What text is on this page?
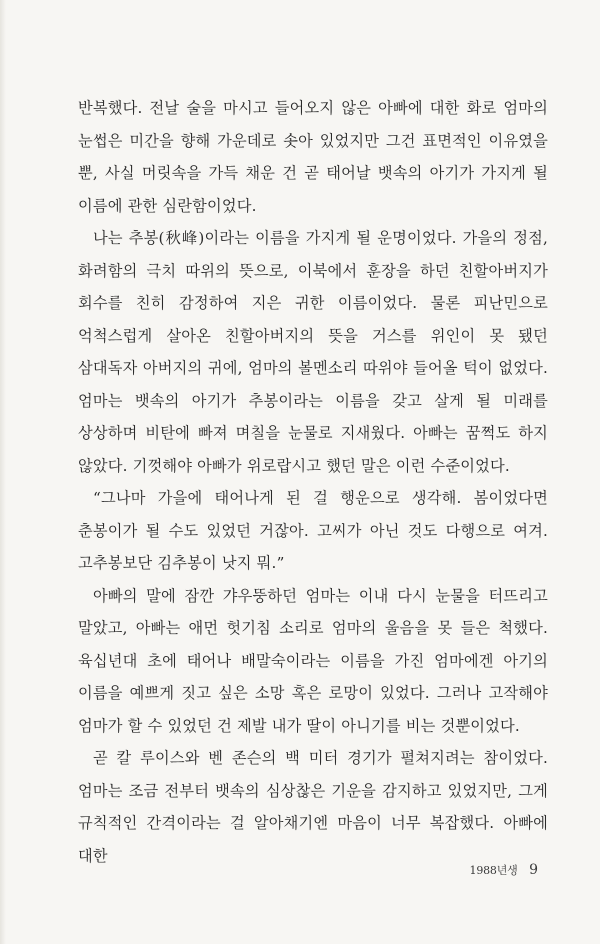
반복했다. 전날 술을 마시고 들어오지 않은 아빠에 대한 화로 엄마의 눈썹은 미간을 향해 가운데로 솟아 있었지만 그건 표면적인 이유였을 뿐, 사실 머릿속을 가득 채운 건 곧 태어날 뱃속의 아기가 가지게 될 이름에 관한 심란함이었다.

나는 추봉(秋峰)이라는 이름을 가지게 될 운명이었다. 가을의 정점, 화려함의 극치 따위의 뜻으로, 이북에서 훈장을 하던 친할아버지가 회수를 친히 감정하여 지은 귀한 이름이었다. 물론 피난민으로 억척스럽게 살아온 친할아버지의 뜻을 거스를 위인이 못 됐던 삼대독자 아버지의 귀에, 엄마의 볼멘소리 따위야 들어올 턱이 없었다. 엄마는 뱃속의 아기가 추봉이라는 이름을 갖고 살게 될 미래를 상상하며 비탄에 빠져 며칠을 눈물로 지새웠다. 아빠는 꿈쩍도 하지 않았다. 기껏해야 아빠가 위로랍시고 했던 말은 이런 수준이었다.

“그나마 가을에 태어나게 된 걸 행운으로 생각해. 봄이었다면 춘봉이가 될 수도 있었던 거잖아. 고씨가 아닌 것도 다행으로 여겨. 고추봉보단 김추봉이 낫지 뭐.”

아빠의 말에 잠깐 갸우뚱하던 엄마는 이내 다시 눈물을 터뜨리고 말았고, 아빠는 애먼 헛기침 소리로 엄마의 울음을 못 들은 척했다. 육십년대 초에 태어나 배말숙이라는 이름을 가진 엄마에겐 아기의 이름을 예쁘게 짓고 싶은 소망 혹은 로망이 있었다. 그러나 고작해야 엄마가 할 수 있었던 건 제발 내가 딸이 아니기를 비는 것뿐이었다.

곧 칼 루이스와 벤 존슨의 백 미터 경기가 펼쳐지려는 참이었다. 엄마는 조금 전부터 뱃속의 심상찮은 기운을 감지하고 있었지만, 그게 규칙적인 간격이라는 걸 알아채기엔 마음이 너무 복잡했다. 아빠에 대한

1988년생 9
